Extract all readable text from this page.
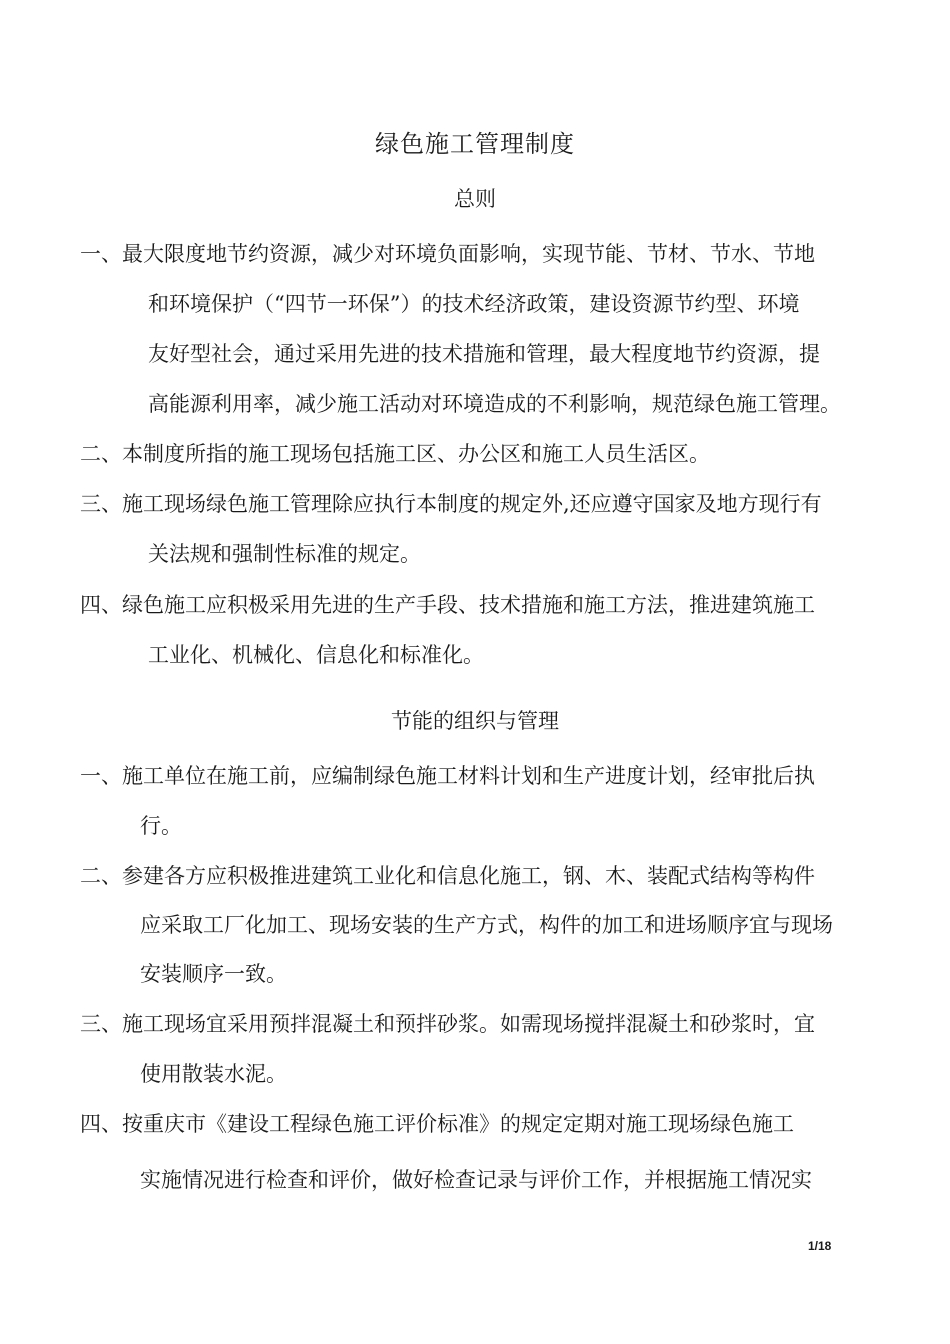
绿色施工管理制度
总则
一、最大限度地节约资源，减少对环境负面影响，实现节能、节材、节水、节地
和环境保护（“四节一环保”）的技术经济政策，建设资源节约型、环境
友好型社会，通过采用先进的技术措施和管理，最大程度地节约资源，提
高能源利用率，减少施工活动对环境造成的不利影响，规范绿色施工管理。
二、本制度所指的施工现场包括施工区、办公区和施工人员生活区。
三、施工现场绿色施工管理除应执行本制度的规定外,还应遵守国家及地方现行有
关法规和强制性标准的规定。
四、绿色施工应积极采用先进的生产手段、技术措施和施工方法，推进建筑施工
工业化、机械化、信息化和标准化。
节能的组织与管理
一、施工单位在施工前，应编制绿色施工材料计划和生产进度计划，经审批后执
行。
二、参建各方应积极推进建筑工业化和信息化施工，钢、木、装配式结构等构件
应采取工厂化加工、现场安装的生产方式，构件的加工和进场顺序宜与现场
安装顺序一致。
三、施工现场宜采用预拌混凝土和预拌砂浆。如需现场搅拌混凝土和砂浆时，宜
使用散装水泥。
四、按重庆市《建设工程绿色施工评价标准》的规定定期对施工现场绿色施工
实施情况进行检查和评价，做好检查记录与评价工作，并根据施工情况实
1/18
